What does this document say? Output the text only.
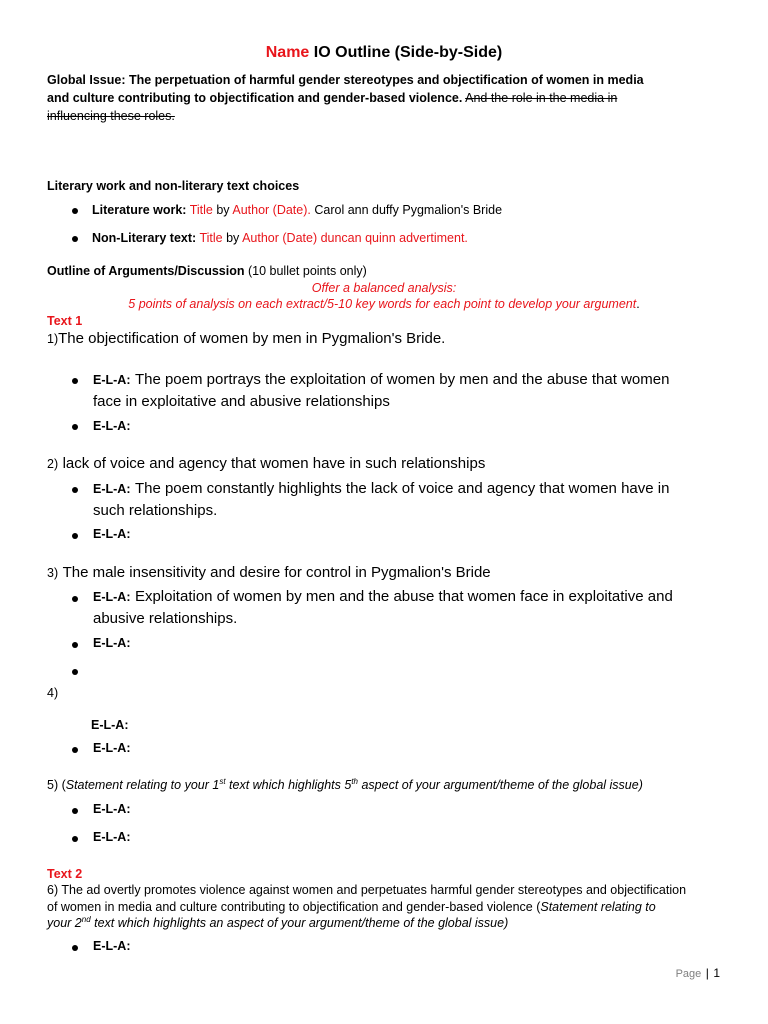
Name IO Outline (Side-by-Side)
Global Issue: The perpetuation of harmful gender stereotypes and objectification of women in media
and culture contributing to objectification and gender-based violence. And the role in the media in
influencing these roles.
Literary work and non-literary text choices
Literature work: Title by Author (Date). Carol ann duffy Pygmalion's Bride
Non-Literary text: Title by Author (Date) duncan quinn advertiment.
Outline of Arguments/Discussion (10 bullet points only)
Offer a balanced analysis:
5 points of analysis on each extract/5-10 key words for each point to develop your argument.
Text 1
1)The objectification of women by men in Pygmalion's Bride.
E-L-A: The poem portrays the exploitation of women by men and the abuse that women
face in exploitative and abusive relationships
E-L-A:
2) lack of voice and agency that women have in such relationships
E-L-A: The poem constantly highlights the lack of voice and agency that women have in
such relationships.
E-L-A:
3) The male insensitivity and desire for control in Pygmalion's Bride
E-L-A: Exploitation of women by men and the abuse that women face in exploitative and
abusive relationships.
E-L-A:
4)
E-L-A:
E-L-A:
5) (Statement relating to your 1st text which highlights 5th aspect of your argument/theme of the global issue)
E-L-A:
E-L-A:
Text 2
6) The ad overtly promotes violence against women and perpetuates harmful gender stereotypes and objectification
of women in media and culture contributing to objectification and gender-based violence (Statement relating to
your 2nd text which highlights an aspect of your argument/theme of the global issue)
E-L-A:
Page | 1
